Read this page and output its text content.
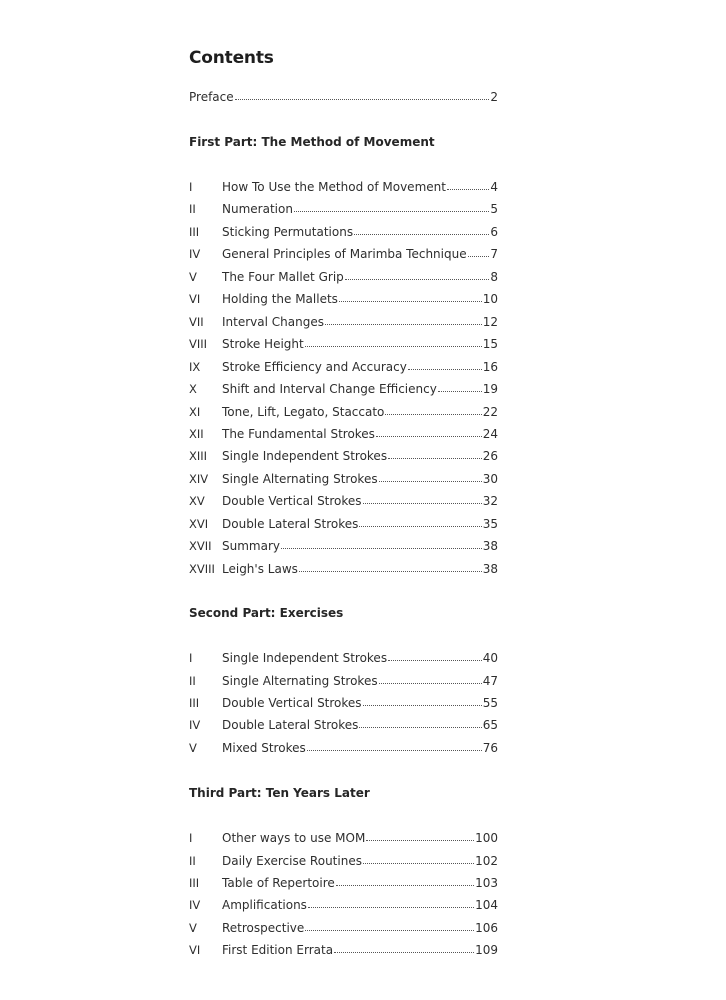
Contents
Preface	2
First Part: The Method of Movement
I	How To Use the Method of Movement	4
II	Numeration	5
III	Sticking Permutations	6
IV	General Principles of Marimba Technique 7
V	The Four Mallet Grip	8
VI	Holding the Mallets	10
VII	Interval Changes	12
VIII	Stroke Height	15
IX	Stroke Efficiency and Accuracy	16
X	Shift and Interval Change Efficiency	19
XI	Tone, Lift, Legato, Staccato	22
XII	The Fundamental Strokes	24
XIII	Single Independent Strokes	26
XIV	Single Alternating Strokes	30
XV	Double Vertical Strokes	32
XVI	Double Lateral Strokes	35
XVII Summary	38
XVIII Leigh's Laws	38
Second Part: Exercises
I	Single Independent Strokes	40
II	Single Alternating Strokes	47
III	Double Vertical Strokes	55
IV	Double Lateral Strokes	65
V	Mixed Strokes	76
Third Part: Ten Years Later
I	Other ways to use MOM	100
II	Daily Exercise Routines	102
III	Table of Repertoire	103
IV	Amplifications	104
V	Retrospective	106
VI	First Edition Errata	109
